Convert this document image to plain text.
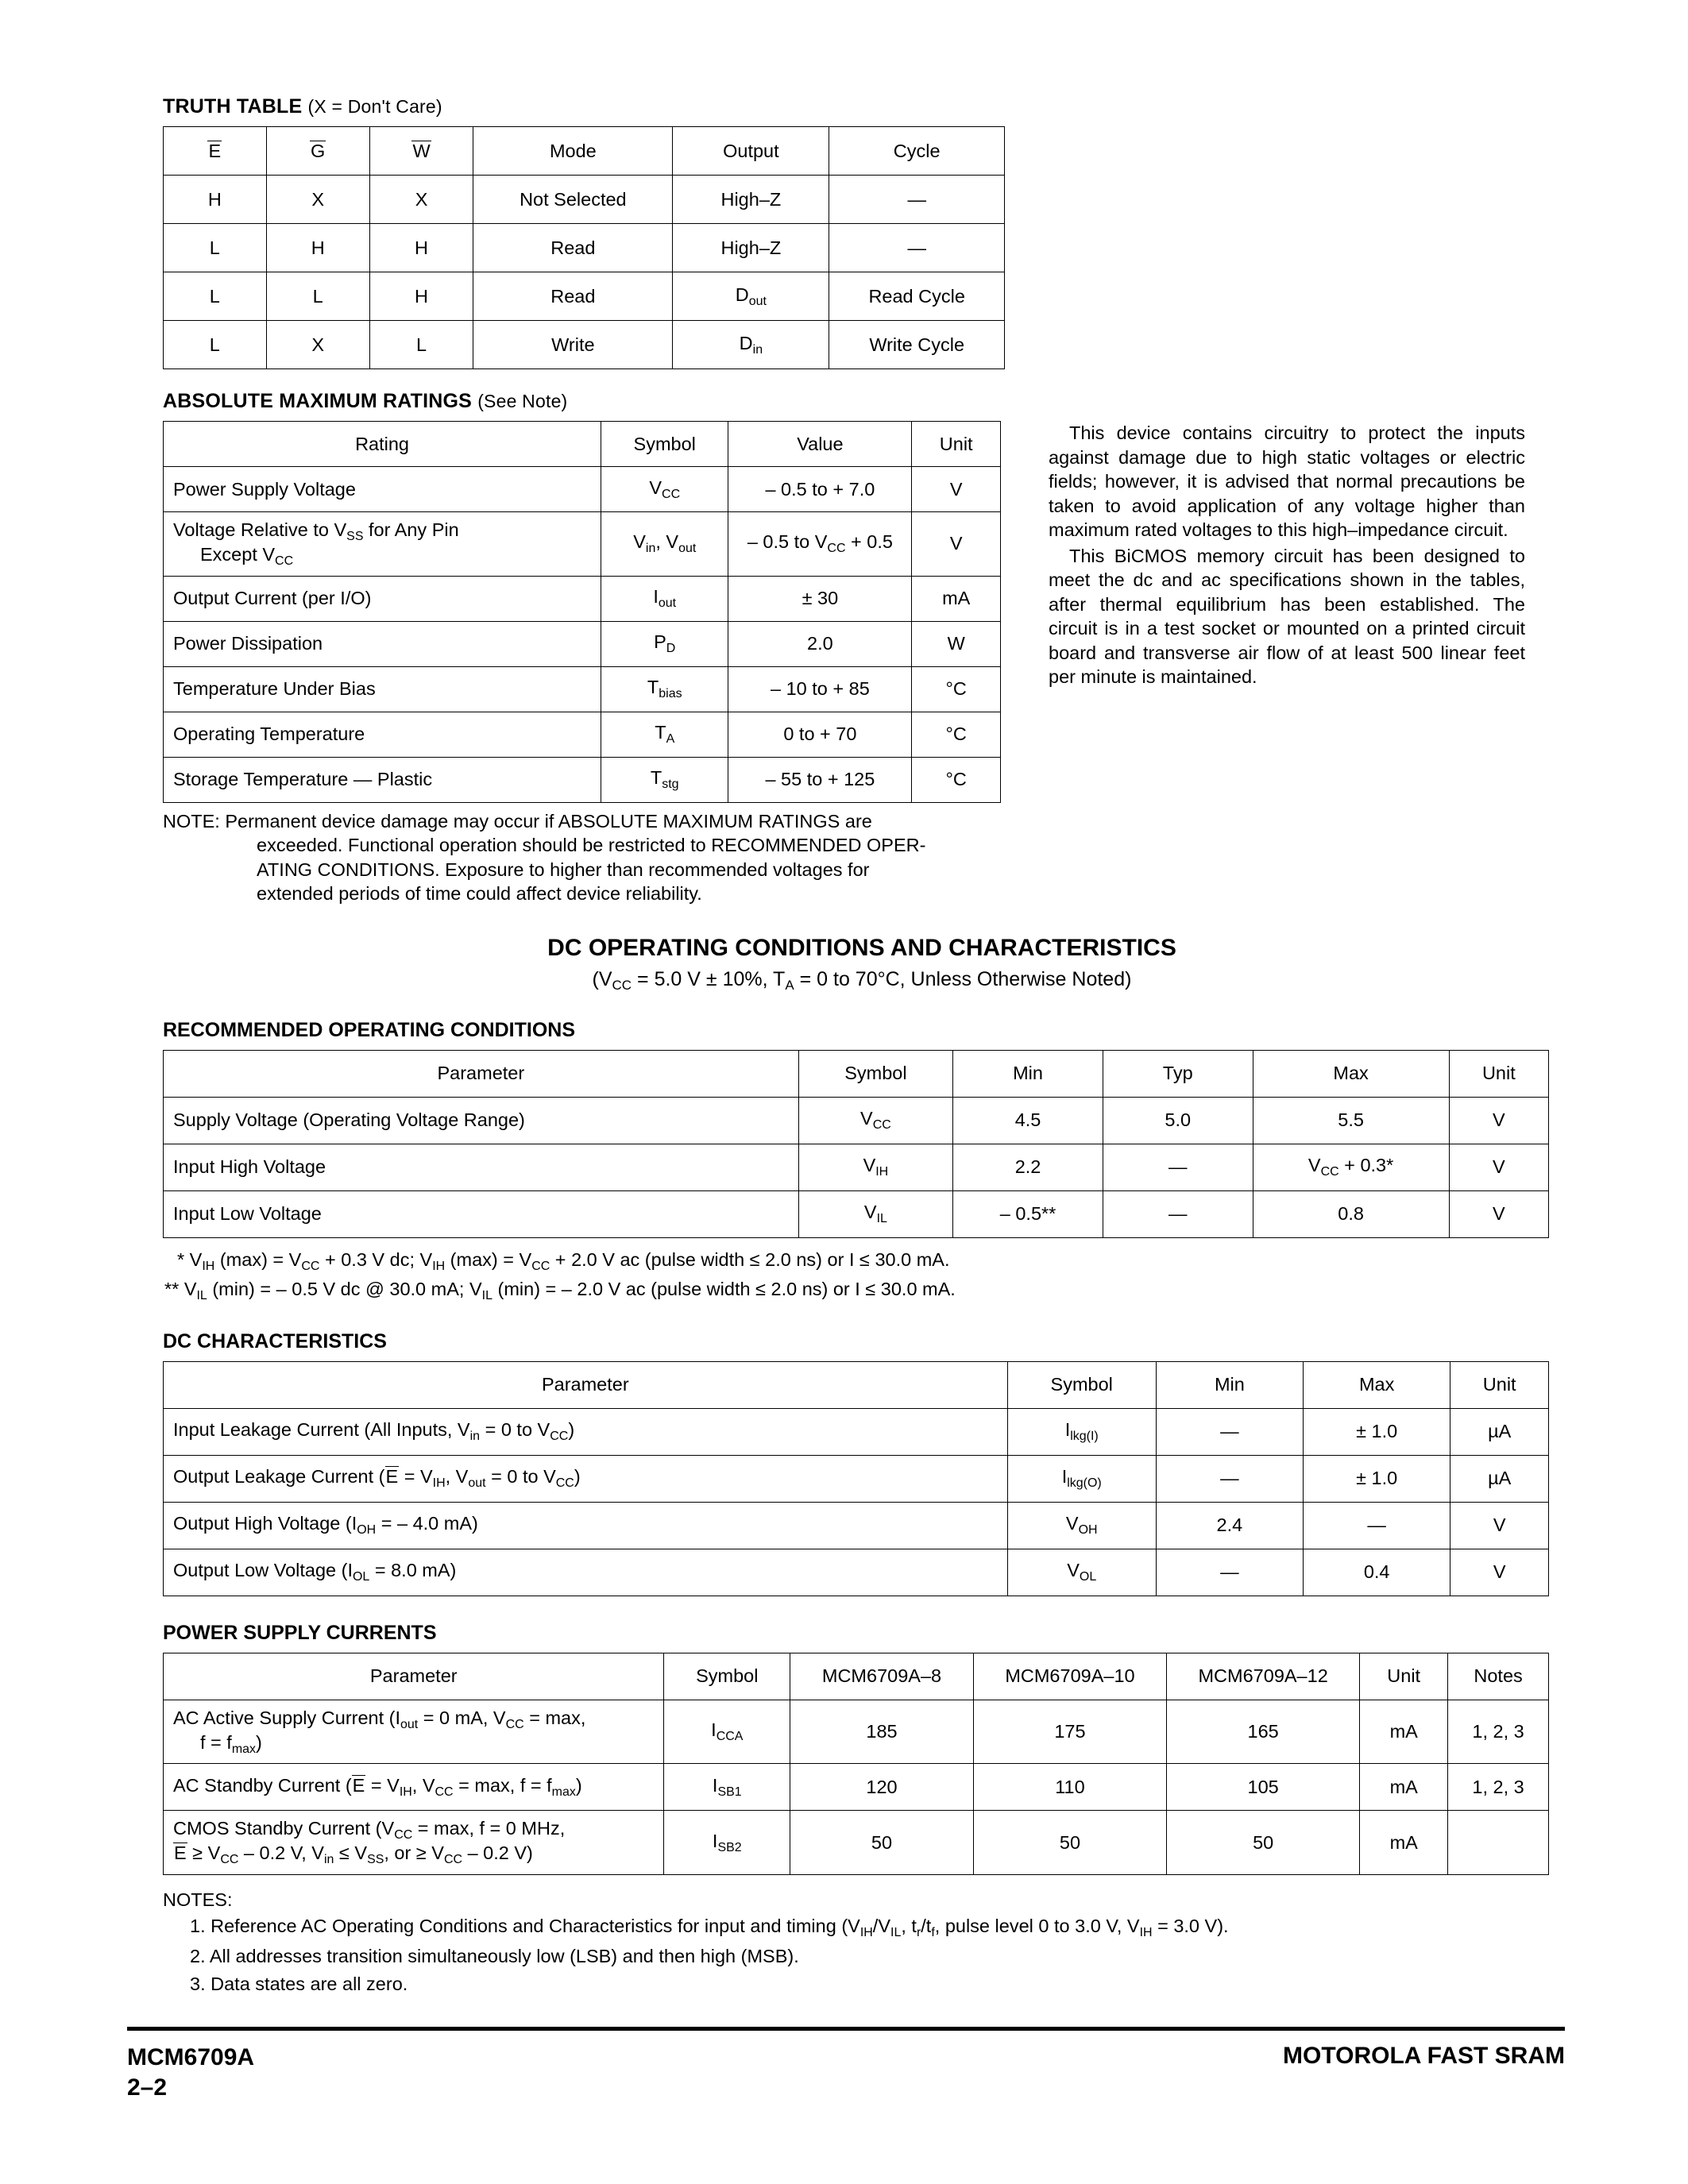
TRUTH TABLE (X = Don't Care)
E	G	W	Mode	Output	Cycle
H	X	X	Not Selected	High–Z	—
L	H	H	Read	High–Z	—
L	L	H	Read	$D_{out}$	Read Cycle
L	X	L	Write	$D_{in}$	Write Cycle
ABSOLUTE MAXIMUM RATINGS (See Note)
Rating	Symbol	Value	Unit
Power Supply Voltage	$V_{CC}$	– 0.5 to + 7.0	V
Voltage Relative to $V_{SS}$ for Any Pin
Except $V_{CC}$	$V_{in}$, $V_{out}$	– 0.5 to $V_{CC} + 0.5$	V
Output Current (per I/O)	$I_{out}$	± 30	mA
Power Dissipation	$P_D$	2.0	W
Temperature Under Bias	$T_{bias}$	– 10 to + 85	°C
Operating Temperature	$T_A$	0 to + 70	°C
Storage Temperature — Plastic	$T_{stg}$	– 55 to + 125	°C

This device contains circuitry to protect the inputs against damage due to high static voltages or electric fields; however, it is advised that normal precautions be taken to avoid application of any voltage higher than maximum rated voltages to this high–impedance circuit.

This BiCMOS memory circuit has been designed to meet the dc and ac specifications shown in the tables, after thermal equilibrium has been established. The circuit is in a test socket or mounted on a printed circuit board and transverse air flow of at least 500 linear feet per minute is maintained.

NOTE: Permanent device damage may occur if ABSOLUTE MAXIMUM RATINGS are
exceeded. Functional operation should be restricted to RECOMMENDED OPER-
ATING CONDITIONS. Exposure to higher than recommended voltages for
extended periods of time could affect device reliability.
DC OPERATING CONDITIONS AND CHARACTERISTICS
($V_{CC} = 5.0$ V ± 10%, $T_A = 0$ to 70°C, Unless Otherwise Noted)
RECOMMENDED OPERATING CONDITIONS
Parameter	Symbol	Min	Typ	Max	Unit
Supply Voltage (Operating Voltage Range)	$V_{CC}$	4.5	5.0	5.5	V
Input High Voltage	$V_{IH}$	2.2	—	$V_{CC} + 0.3*$	V
Input Low Voltage	$V_{IL}$	– 0.5**	—	0.8	V
* $V_{IH}$ $(\max) = V_{CC} + 0.3$ V dc; $V_{IH}$ $(\max) = V_{CC} + 2.0$ V ac (pulse width ≤ 2.0 ns) or I ≤ 30.0 mA.
** $V_{IL}$ (min) = – 0.5 V dc @ 30.0 mA; $V_{IL}$ (min) = – 2.0 V ac (pulse width ≤ 2.0 ns) or I ≤ 30.0 mA.
DC CHARACTERISTICS
Parameter	Symbol	Min	Max	Unit
Input Leakage Current (All Inputs, $V_{in} = 0$ to $V_{CC}$)	$I_{lkg(I)}$	—	± 1.0	µA
Output Leakage Current ($E = V_{IH}$, $V_{out} = 0$ to $V_{CC}$)	$I_{lkg(O)}$	—	± 1.0	µA
Output High Voltage ($I_{OH}$ = – 4.0 mA)	$V_{OH}$	2.4	—	V
Output Low Voltage ($I_{OL} = 8.0$ mA)	$V_{OL}$	—	0.4	V
POWER SUPPLY CURRENTS
Parameter	Symbol	MCM6709A–8	MCM6709A–10	MCM6709A–12	Unit	Notes
AC Active Supply Current ($I_{out} = 0$ mA, $V_{CC} = \max$,
$f = f_{max}$)	$I_{CCA}$	185	175	165	mA	1, 2, 3
AC Standby Current ($E = V_{IH}$, $V_{CC} = \max$, $f = f_{max}$)	$I_{SB1}$	120	110	105	mA	1, 2, 3
CMOS Standby Current ($V_{CC} = \max$, f = 0 MHz,
$E \ge V_{CC} - 0.2$ V, $V_{in} \le V_{SS}$, or ≥ $V_{CC} - 0.2$ V)	$I_{SB2}$	50	50	50	mA	
NOTES:
1. Reference AC Operating Conditions and Characteristics for input and timing ($V_{IH}/V_{IL}$, $t_r/t_f$, pulse level 0 to 3.0 V, $V_{IH} = 3.0$ V).
2. All addresses transition simultaneously low (LSB) and then high (MSB).
3. Data states are all zero.
MCM6709A
2–2
MOTOROLA FAST SRAM
